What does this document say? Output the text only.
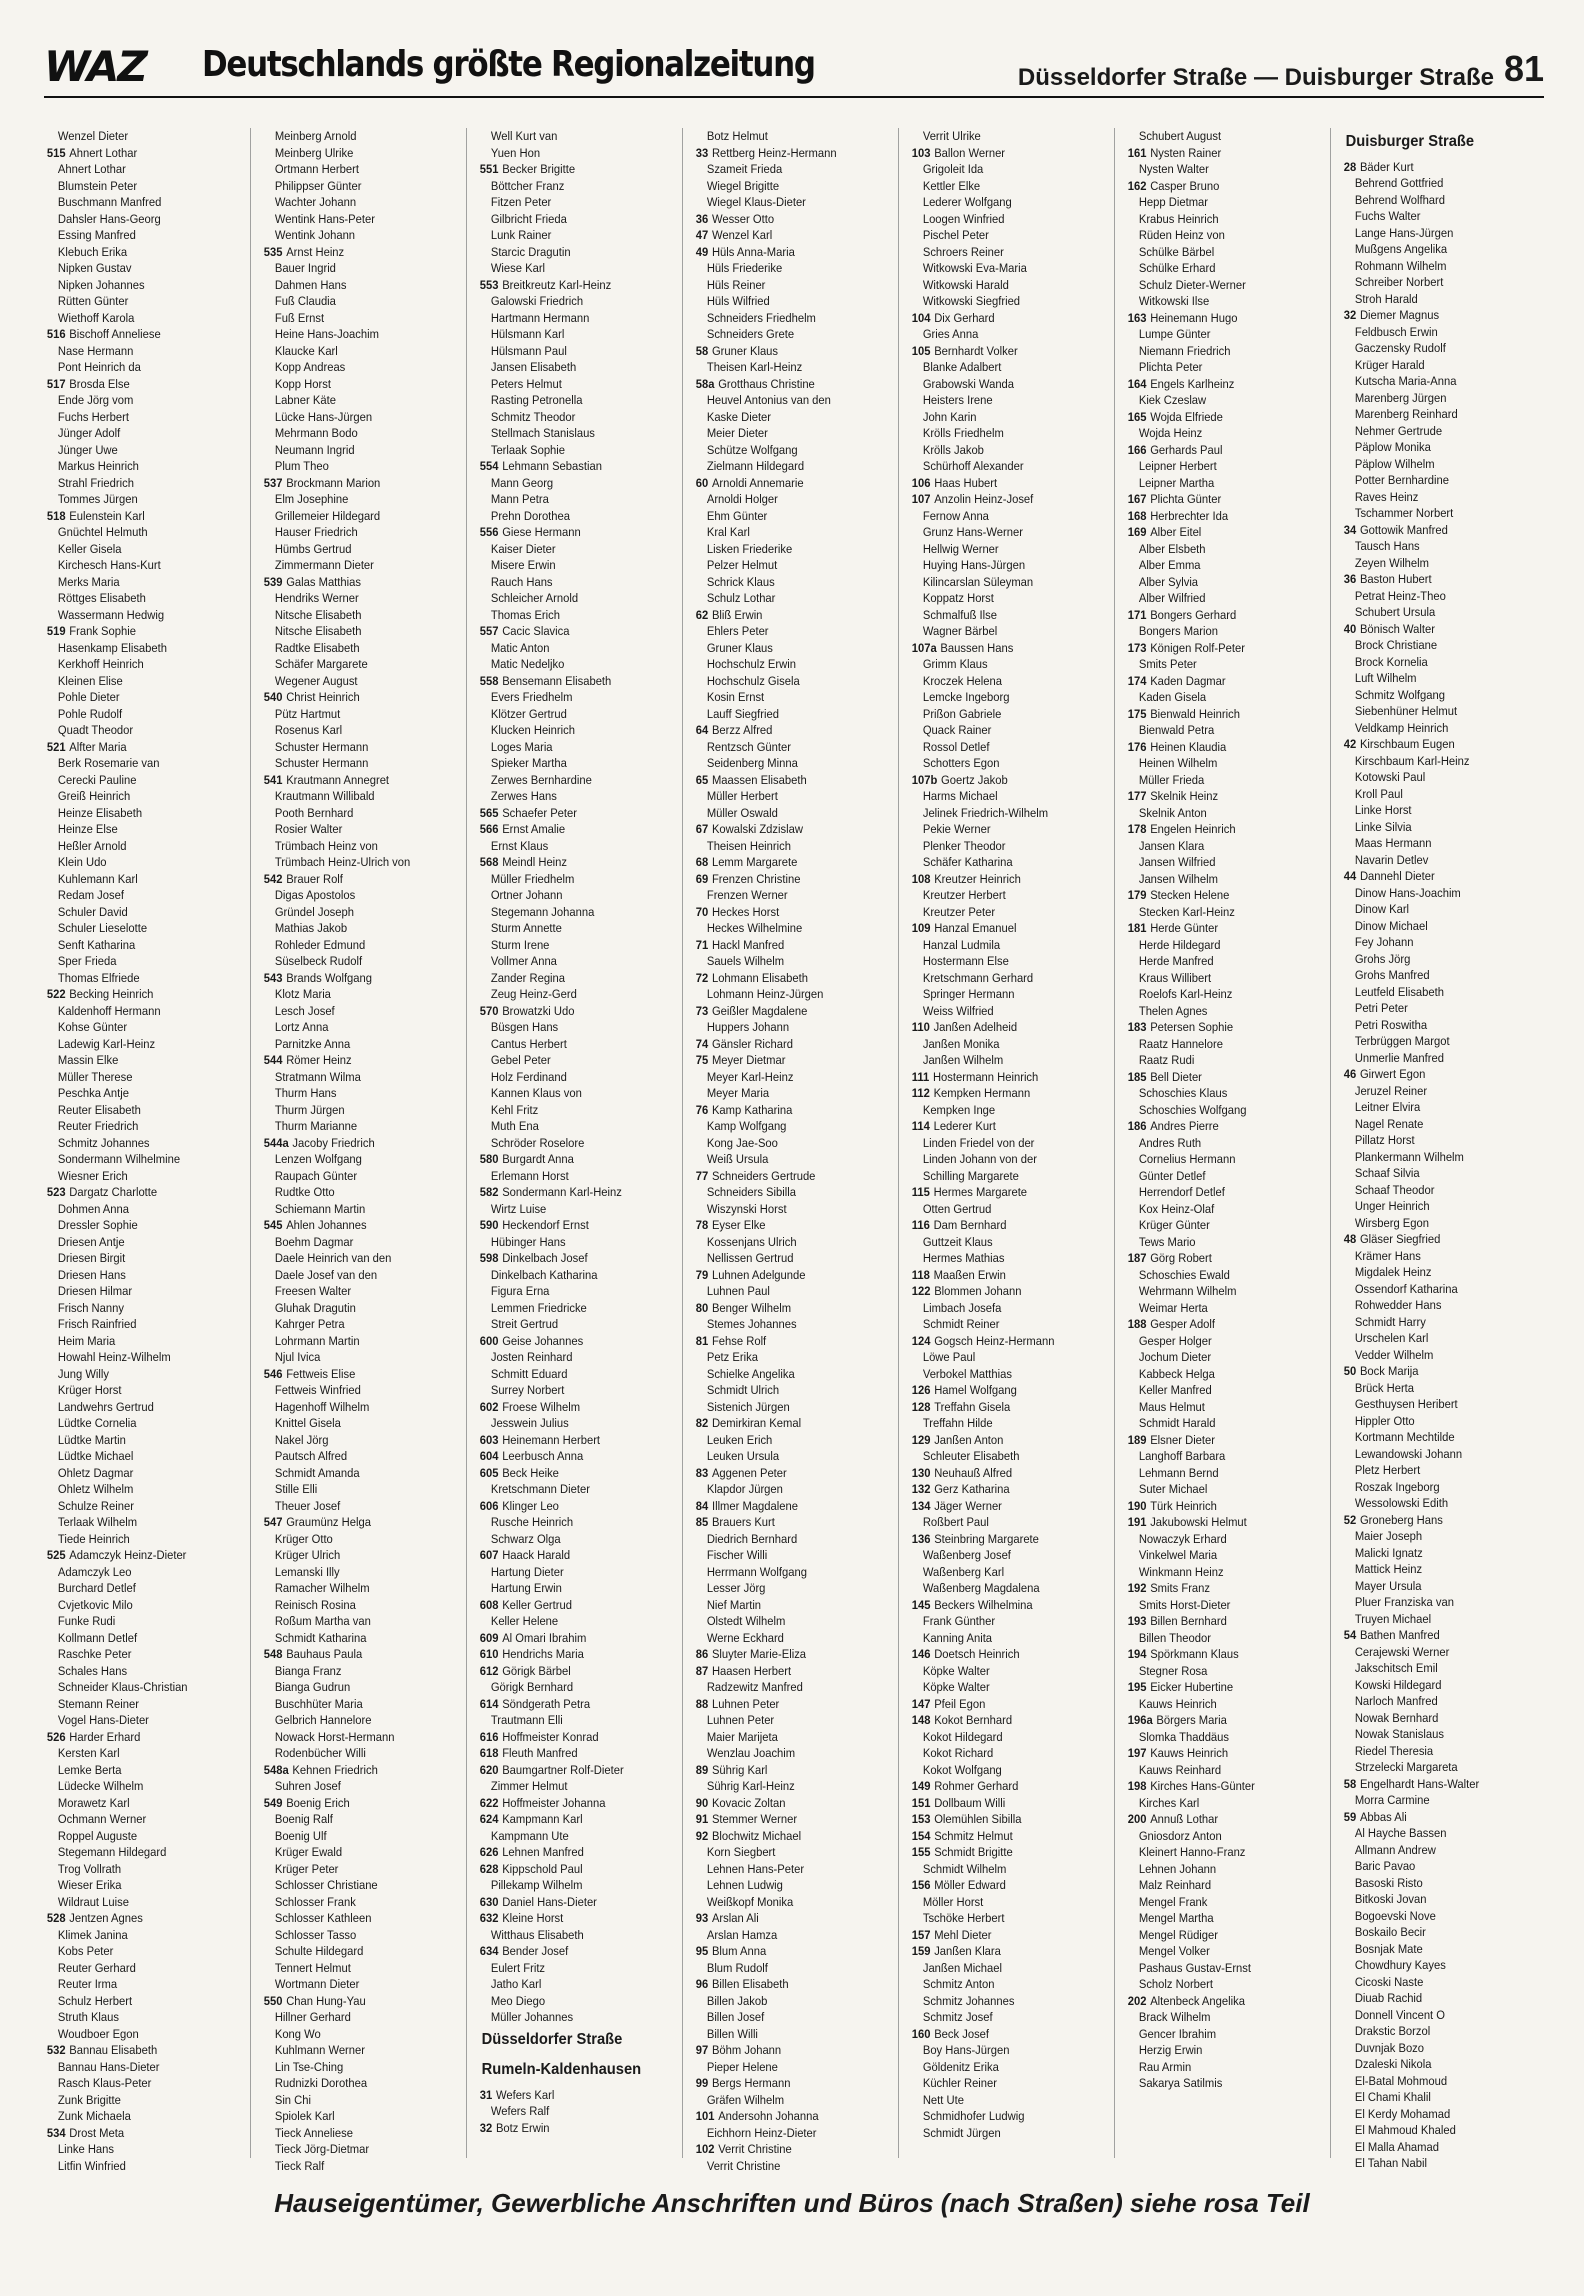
WAZ Deutschlands größte Regionalzeitung	Düsseldorfer Straße — Duisburger Straße 81
Wenzel Dieter
515 Ahnert Lothar
Ahnert Lothar
Blumstein Peter
Buschmann Manfred
Dahsler Hans-Georg
Essing Manfred
Klebuch Erika
Nipken Gustav
Nipken Johannes
Rütten Günter
Wiethoff Karola
516 Bischoff Anneliese
Nase Hermann
Pont Heinrich da
517 Brosda Else
Ende Jörg vom
Fuchs Herbert
Jünger Adolf
Jünger Uwe
Markus Heinrich
Strahl Friedrich
Tommes Jürgen
518 Eulenstein Karl
Gnüchtel Helmuth
Keller Gisela
Kirchesch Hans-Kurt
Merks Maria
Röttges Elisabeth
Wassermann Hedwig
519 Frank Sophie
Hasenkamp Elisabeth
Kerkhoff Heinrich
Kleinen Elise
Pohle Dieter
Pohle Rudolf
Quadt Theodor
521 Alfter Maria
Berk Rosemarie van
Cerecki Pauline
Greiß Heinrich
Heinze Elisabeth
Heinze Else
Heßler Arnold
Klein Udo
Kuhlemann Karl
Redam Josef
Schuler David
Schuler Lieselotte
Senft Katharina
Sper Frieda
Thomas Elfriede
522 Becking Heinrich
Kaldenhoff Hermann
Kohse Günter
Ladewig Karl-Heinz
Massin Elke
Müller Therese
Peschka Antje
Reuter Elisabeth
Reuter Friedrich
Schmitz Johannes
Sondermann Wilhelmine
Wiesner Erich
523 Dargatz Charlotte
Dohmen Anna
Dressler Sophie
Driesen Antje
Driesen Birgit
Driesen Hans
Driesen Hilmar
Frisch Nanny
Frisch Rainfried
Heim Maria
Howahl Heinz-Wilhelm
Jung Willy
Krüger Horst
Landwehrs Gertrud
Lüdtke Cornelia
Lüdtke Martin
Lüdtke Michael
Ohletz Dagmar
Ohletz Wilhelm
Schulze Reiner
Terlaak Wilhelm
Tiede Heinrich
525 Adamczyk Heinz-Dieter
Adamczyk Leo
Burchard Detlef
Cvjetkovic Milo
Funke Rudi
Kollmann Detlef
Raschke Peter
Schales Hans
Schneider Klaus-Christian
Stemann Reiner
Vogel Hans-Dieter
526 Harder Erhard
Kersten Karl
Lemke Berta
Lüdecke Wilhelm
Morawetz Karl
Ochmann Werner
Roppel Auguste
Stegemann Hildegard
Trog Vollrath
Wieser Erika
Wildraut Luise
528 Jentzen Agnes
Klimek Janina
Kobs Peter
Reuter Gerhard
Reuter Irma
Schulz Herbert
Struth Klaus
Woudboer Egon
532 Bannau Elisabeth
Bannau Hans-Dieter
Rasch Klaus-Peter
Zunk Brigitte
Zunk Michaela
534 Drost Meta
Linke Hans
Litfin Winfried
Meinberg Arnold
Meinberg Ulrike
Ortmann Herbert
Philippser Günter
Wachter Johann
Wentink Hans-Peter
Wentink Johann
535 Arnst Heinz
Bauer Ingrid
Dahmen Hans
Fuß Claudia
Fuß Ernst
Heine Hans-Joachim
Klaucke Karl
Kopp Andreas
Kopp Horst
Labner Käte
Lücke Hans-Jürgen
Mehrmann Bodo
Neumann Ingrid
Plum Theo
537 Brockmann Marion
Elm Josephine
Grillemeier Hildegard
Hauser Friedrich
Hümbs Gertrud
Zimmermann Dieter
539 Galas Matthias
Hendriks Werner
Nitsche Elisabeth
Nitsche Elisabeth
Radtke Elisabeth
Schäfer Margarete
Wegener August
540 Christ Heinrich
Pütz Hartmut
Rosenus Karl
Schuster Hermann
Schuster Hermann
541 Krautmann Annegret
Krautmann Willibald
Pooth Bernhard
Rosier Walter
Trümbach Heinz von
Trümbach Heinz-Ulrich von
542 Brauer Rolf
Digas Apostolos
Gründel Joseph
Mathias Jakob
Rohleder Edmund
Süselbeck Rudolf
543 Brands Wolfgang
Klotz Maria
Lesch Josef
Lortz Anna
Parnitzke Anna
544 Römer Heinz
Stratmann Wilma
Thurm Hans
Thurm Jürgen
Thurm Marianne
544a Jacoby Friedrich
Lenzen Wolfgang
Raupach Günter
Rudtke Otto
Schiemann Martin
545 Ahlen Johannes
Boehm Dagmar
Daele Heinrich van den
Daele Josef van den
Freesen Walter
Gluhak Dragutin
Kahrger Petra
Lohrmann Martin
Njul Ivica
546 Fettweis Elise
Fettweis Winfried
Hagenhoff Wilhelm
Knittel Gisela
Nakel Jörg
Pautsch Alfred
Schmidt Amanda
Stille Elli
Theuer Josef
547 Graumünz Helga
Krüger Otto
Krüger Ulrich
Lemanski Illy
Ramacher Wilhelm
Reinisch Rosina
Roßum Martha van
Schmidt Katharina
548 Bauhaus Paula
Bianga Franz
Bianga Gudrun
Buschhüter Maria
Gelbrich Hannelore
Nowack Horst-Hermann
Rodenbücher Willi
548a Kehnen Friedrich
Suhren Josef
549 Boenig Erich
Boenig Ralf
Boenig Ulf
Krüger Ewald
Krüger Peter
Schlosser Christiane
Schlosser Frank
Schlosser Kathleen
Schlosser Tasso
Schulte Hildegard
Tennert Helmut
Wortmann Dieter
550 Chan Hung-Yau
Hillner Gerhard
Kong Wo
Kuhlmann Werner
Lin Tse-Ching
Rudnizki Dorothea
Sin Chi
Spiolek Karl
Tieck Anneliese
Tieck Jörg-Dietmar
Tieck Ralf
Well Kurt van
Yuen Hon
551 Becker Brigitte
Böttcher Franz
Fitzen Peter
Gilbricht Frieda
Lunk Rainer
Starcic Dragutin
Wiese Karl
553 Breitkreutz Karl-Heinz
Galowski Friedrich
Hartmann Hermann
Hülsmann Karl
Hülsmann Paul
Jansen Elisabeth
Peters Helmut
Rasting Petronella
Schmitz Theodor
Stellmach Stanislaus
Terlaak Sophie
554 Lehmann Sebastian
Mann Georg
Mann Petra
Prehn Dorothea
556 Giese Hermann
Kaiser Dieter
Misere Erwin
Rauch Hans
Schleicher Arnold
Thomas Erich
557 Cacic Slavica
Matic Anton
Matic Nedeljko
558 Bensemann Elisabeth
Evers Friedhelm
Klötzer Gertrud
Klucken Heinrich
Loges Maria
Spieker Martha
Zerwes Bernhardine
Zerwes Hans
565 Schaefer Peter
566 Ernst Amalie
Ernst Klaus
568 Meindl Heinz
Müller Friedhelm
Ortner Johann
Stegemann Johanna
Sturm Annette
Sturm Irene
Vollmer Anna
Zander Regina
Zeug Heinz-Gerd
570 Browatzki Udo
Büsgen Hans
Cantus Herbert
Gebel Peter
Holz Ferdinand
Kannen Klaus von
Kehl Fritz
Muth Ena
Schröder Roselore
580 Burgardt Anna
Erlemann Horst
582 Sondermann Karl-Heinz
Wirtz Luise
590 Heckendorf Ernst
Hübinger Hans
598 Dinkelbach Josef
Dinkelbach Katharina
Figura Erna
Lemmen Friedricke
Streit Gertrud
600 Geise Johannes
Josten Reinhard
Schmitt Eduard
Surrey Norbert
602 Froese Wilhelm
Jesswein Julius
603 Heinemann Herbert
604 Leerbusch Anna
605 Beck Heike
Kretschmann Dieter
606 Klinger Leo
Rusche Heinrich
Schwarz Olga
607 Haack Harald
Hartung Dieter
Hartung Erwin
608 Keller Gertrud
Keller Helene
609 Al Omari Ibrahim
610 Hendrichs Maria
612 Görigk Bärbel
Görigk Bernhard
614 Söndgerath Petra
Trautmann Elli
616 Hoffmeister Konrad
618 Fleuth Manfred
620 Baumgartner Rolf-Dieter
Zimmer Helmut
622 Hoffmeister Johanna
624 Kampmann Karl
Kampmann Ute
626 Lehnen Manfred
628 Kippschold Paul
Pillekamp Wilhelm
630 Daniel Hans-Dieter
632 Kleine Horst
Witthaus Elisabeth
634 Bender Josef
Eulert Fritz
Jatho Karl
Meo Diego
Müller Johannes
Düsseldorfer Straße
Rumeln-Kaldenhausen
31 Wefers Karl
Wefers Ralf
32 Botz Erwin
Botz Helmut
33 Rettberg Heinz-Hermann
Szameit Frieda
Wiegel Brigitte
Wiegel Klaus-Dieter
36 Wesser Otto
47 Wenzel Karl
49 Hüls Anna-Maria
Hüls Friederike
Hüls Reiner
Hüls Wilfried
Schneiders Friedhelm
Schneiders Grete
58 Gruner Klaus
Theisen Karl-Heinz
58a Grotthaus Christine
Heuvel Antonius van den
Kaske Dieter
Meier Dieter
Schütze Wolfgang
Zielmann Hildegard
60 Arnoldi Annemarie
Arnoldi Holger
Ehm Günter
Kral Karl
Lisken Friederike
Pelzer Helmut
Schrick Klaus
Schulz Lothar
62 Bliß Erwin
Ehlers Peter
Gruner Klaus
Hochschulz Erwin
Hochschulz Gisela
Kosin Ernst
Lauff Siegfried
64 Berzz Alfred
Rentzsch Günter
Seidenberg Minna
65 Maassen Elisabeth
Müller Herbert
Müller Oswald
67 Kowalski Zdzislaw
Theisen Heinrich
68 Lemm Margarete
69 Frenzen Christine
Frenzen Werner
70 Heckes Horst
Heckes Wilhelmine
71 Hackl Manfred
Sauels Wilhelm
72 Lohmann Elisabeth
Lohmann Heinz-Jürgen
73 Geißler Magdalene
Huppers Johann
74 Gänsler Richard
75 Meyer Dietmar
Meyer Karl-Heinz
Meyer Maria
76 Kamp Katharina
Kamp Wolfgang
Kong Jae-Soo
Weiß Ursula
77 Schneiders Gertrude
Schneiders Sibilla
Wiszynski Horst
78 Eyser Elke
Kossenjans Ulrich
Nellissen Gertrud
79 Luhnen Adelgunde
Luhnen Paul
80 Benger Wilhelm
Stemes Johannes
81 Fehse Rolf
Petz Erika
Schielke Angelika
Schmidt Ulrich
Sistenich Jürgen
82 Demirkiran Kemal
Leuken Erich
Leuken Ursula
83 Aggenen Peter
Klapdor Jürgen
84 Illmer Magdalene
85 Brauers Kurt
Diedrich Bernhard
Fischer Willi
Herrmann Wolfgang
Lesser Jörg
Nief Martin
Olstedt Wilhelm
Werne Eckhard
86 Sluyter Marie-Eliza
87 Haasen Herbert
Radzewitz Manfred
88 Luhnen Peter
Luhnen Peter
Maier Marijeta
Wenzlau Joachim
89 Sührig Karl
Sührig Karl-Heinz
90 Kovacic Zoltan
91 Stemmer Werner
92 Blochwitz Michael
Korn Siegbert
Lehnen Hans-Peter
Lehnen Ludwig
Weißkopf Monika
93 Arslan Ali
Arslan Hamza
95 Blum Anna
Blum Rudolf
96 Billen Elisabeth
Billen Jakob
Billen Josef
Billen Willi
97 Böhm Johann
Pieper Helene
99 Bergs Hermann
Gräfen Wilhelm
101 Andersohn Johanna
Eichhorn Heinz-Dieter
102 Verrit Christine
Verrit Christine
Verrit Ulrike
103 Ballon Werner
Grigoleit Ida
Kettler Elke
Lederer Wolfgang
Loogen Winfried
Pischel Peter
Schroers Reiner
Witkowski Eva-Maria
Witkowski Harald
Witkowski Siegfried
104 Dix Gerhard
Gries Anna
105 Bernhardt Volker
Blanke Adalbert
Grabowski Wanda
Heisters Irene
John Karin
Krölls Friedhelm
Krölls Jakob
Schürhoff Alexander
106 Haas Hubert
107 Anzolin Heinz-Josef
Fernow Anna
Grunz Hans-Werner
Hellwig Werner
Huying Hans-Jürgen
Kilincarslan Süleyman
Koppatz Horst
Schmalfuß Ilse
Wagner Bärbel
107a Baussen Hans
Grimm Klaus
Kroczek Helena
Lemcke Ingeborg
Prißon Gabriele
Quack Rainer
Rossol Detlef
Schotters Egon
107b Goertz Jakob
Harms Michael
Jelinek Friedrich-Wilhelm
Pekie Werner
Plenker Theodor
Schäfer Katharina
108 Kreutzer Heinrich
Kreutzer Herbert
Kreutzer Peter
109 Hanzal Emanuel
Hanzal Ludmila
Hostermann Else
Kretschmann Gerhard
Springer Hermann
Weiss Wilfried
110 Janßen Adelheid
Janßen Monika
Janßen Wilhelm
111 Hostermann Heinrich
112 Kempken Hermann
Kempken Inge
114 Lederer Kurt
Linden Friedel von der
Linden Johann von der
Schilling Margarete
115 Hermes Margarete
Otten Gertrud
116 Dam Bernhard
Guttzeit Klaus
Hermes Mathias
118 Maaßen Erwin
122 Blommen Johann
Limbach Josefa
Schmidt Reiner
124 Gogsch Heinz-Hermann
Löwe Paul
Verbokel Matthias
126 Hamel Wolfgang
128 Treffahn Gisela
Treffahn Hilde
129 Janßen Anton
Schleuter Elisabeth
130 Neuhauß Alfred
132 Gerz Katharina
134 Jäger Werner
Roßbert Paul
136 Steinbring Margarete
Waßenberg Josef
Waßenberg Karl
Waßenberg Magdalena
145 Beckers Wilhelmina
Frank Günther
Kanning Anita
146 Doetsch Heinrich
Köpke Walter
Köpke Walter
147 Pfeil Egon
148 Kokot Bernhard
Kokot Hildegard
Kokot Richard
Kokot Wolfgang
149 Rohmer Gerhard
151 Dollbaum Willi
153 Olemühlen Sibilla
154 Schmitz Helmut
155 Schmidt Brigitte
Schmidt Wilhelm
156 Möller Edward
Möller Horst
Tschöke Herbert
157 Mehl Dieter
159 Janßen Klara
Janßen Michael
Schmitz Anton
Schmitz Johannes
Schmitz Josef
160 Beck Josef
Boy Hans-Jürgen
Göldenitz Erika
Küchler Reiner
Nett Ute
Schmidhofer Ludwig
Schmidt Jürgen
Schubert August
161 Nysten Rainer
Nysten Walter
162 Casper Bruno
Hepp Dietmar
Krabus Heinrich
Rüden Heinz von
Schülke Bärbel
Schülke Erhard
Schulz Dieter-Werner
Witkowski Ilse
163 Heinemann Hugo
Lumpe Günter
Niemann Friedrich
Plichta Peter
164 Engels Karlheinz
Kiek Czeslaw
165 Wojda Elfriede
Wojda Heinz
166 Gerhards Paul
Leipner Herbert
Leipner Martha
167 Plichta Günter
168 Herbrechter Ida
169 Alber Eitel
Alber Elsbeth
Alber Emma
Alber Sylvia
Alber Wilfried
171 Bongers Gerhard
Bongers Marion
173 Königen Rolf-Peter
Smits Peter
174 Kaden Dagmar
Kaden Gisela
175 Bienwald Heinrich
Bienwald Petra
176 Heinen Klaudia
Heinen Wilhelm
Müller Frieda
177 Skelnik Heinz
Skelnik Anton
178 Engelen Heinrich
Jansen Klara
Jansen Wilfried
Jansen Wilhelm
179 Stecken Helene
Stecken Karl-Heinz
181 Herde Günter
Herde Hildegard
Herde Manfred
Kraus Willibert
Roelofs Karl-Heinz
Thelen Agnes
183 Petersen Sophie
Raatz Hannelore
Raatz Rudi
185 Bell Dieter
Schoschies Klaus
Schoschies Wolfgang
186 Andres Pierre
Andres Ruth
Cornelius Hermann
Günter Detlef
Herrendorf Detlef
Kox Heinz-Olaf
Krüger Günter
Tews Mario
187 Görg Robert
Schoschies Ewald
Wehrmann Wilhelm
Weimar Herta
188 Gesper Adolf
Gesper Holger
Jochum Dieter
Kabbeck Helga
Keller Manfred
Maus Helmut
Schmidt Harald
189 Elsner Dieter
Langhoff Barbara
Lehmann Bernd
Suter Michael
190 Türk Heinrich
191 Jakubowski Helmut
Nowaczyk Erhard
Vinkelwel Maria
Winkmann Heinz
192 Smits Franz
Smits Horst-Dieter
193 Billen Bernhard
Billen Theodor
194 Spörkmann Klaus
Stegner Rosa
195 Eicker Hubertine
Kauws Heinrich
196a Börgers Maria
Slomka Thaddäus
197 Kauws Heinrich
Kauws Reinhard
198 Kirches Hans-Günter
Kirches Karl
200 Annuß Lothar
Gniosdorz Anton
Kleinert Hanno-Franz
Lehnen Johann
Malz Reinhard
Mengel Frank
Mengel Martha
Mengel Rüdiger
Mengel Volker
Pashaus Gustav-Ernst
Scholz Norbert
202 Altenbeck Angelika
Brack Wilhelm
Gencer Ibrahim
Herzig Erwin
Rau Armin
Sakarya Satilmis
Duisburger Straße
28 Bäder Kurt
Behrend Gottfried
Behrend Wolfhard
Fuchs Walter
Lange Hans-Jürgen
Mußgens Angelika
Rohmann Wilhelm
Schreiber Norbert
Stroh Harald
32 Diemer Magnus
Feldbusch Erwin
Gaczensky Rudolf
Krüger Harald
Kutscha Maria-Anna
Marenberg Jürgen
Marenberg Reinhard
Nehmer Gertrude
Päplow Monika
Päplow Wilhelm
Potter Bernhardine
Raves Heinz
Tschammer Norbert
34 Gottowik Manfred
Tausch Hans
Zeyen Wilhelm
36 Baston Hubert
Petrat Heinz-Theo
Schubert Ursula
40 Bönisch Walter
Brock Christiane
Brock Kornelia
Luft Wilhelm
Schmitz Wolfgang
Siebenhüner Helmut
Veldkamp Heinrich
42 Kirschbaum Eugen
Kirschbaum Karl-Heinz
Kotowski Paul
Kroll Paul
Linke Horst
Linke Silvia
Maas Hermann
Navarin Detlev
44 Dannehl Dieter
Dinow Hans-Joachim
Dinow Karl
Dinow Michael
Fey Johann
Grohs Jörg
Grohs Manfred
Leutfeld Elisabeth
Petri Peter
Petri Roswitha
Terbrüggen Margot
Unmerlie Manfred
46 Girwert Egon
Jeruzel Reiner
Leitner Elvira
Nagel Renate
Pillatz Horst
Plankermann Wilhelm
Schaaf Silvia
Schaaf Theodor
Unger Heinrich
Wirsberg Egon
48 Gläser Siegfried
Krämer Hans
Migdalek Heinz
Ossendorf Katharina
Rohwedder Hans
Schmidt Harry
Urschelen Karl
Vedder Wilhelm
50 Bock Marija
Brück Herta
Gesthuysen Heribert
Hippler Otto
Kortmann Mechtilde
Lewandowski Johann
Pletz Herbert
Roszak Ingeborg
Wessolowski Edith
52 Groneberg Hans
Maier Joseph
Malicki Ignatz
Mattick Heinz
Mayer Ursula
Pluer Franziska van
Truyen Michael
54 Bathen Manfred
Cerajewski Werner
Jakschitsch Emil
Kowski Hildegard
Narloch Manfred
Nowak Bernhard
Nowak Stanislaus
Riedel Theresia
Strzelecki Margareta
58 Engelhardt Hans-Walter
Morra Carmine
59 Abbas Ali
Al Hayche Bassen
Allmann Andrew
Baric Pavao
Basoski Risto
Bitkoski Jovan
Bogoevski Nove
Boskailo Becir
Bosnjak Mate
Chowdhury Kayes
Cicoski Naste
Diuab Rachid
Donnell Vincent O
Drakstic Borzol
Duvnjak Bozo
Dzaleski Nikola
El-Batal Mohmoud
El Chami Khalil
El Kerdy Mohamad
El Mahmoud Khaled
El Malla Ahamad
El Tahan Nabil
Hauseigentümer, Gewerbliche Anschriften und Büros (nach Straßen) siehe rosa Teil
